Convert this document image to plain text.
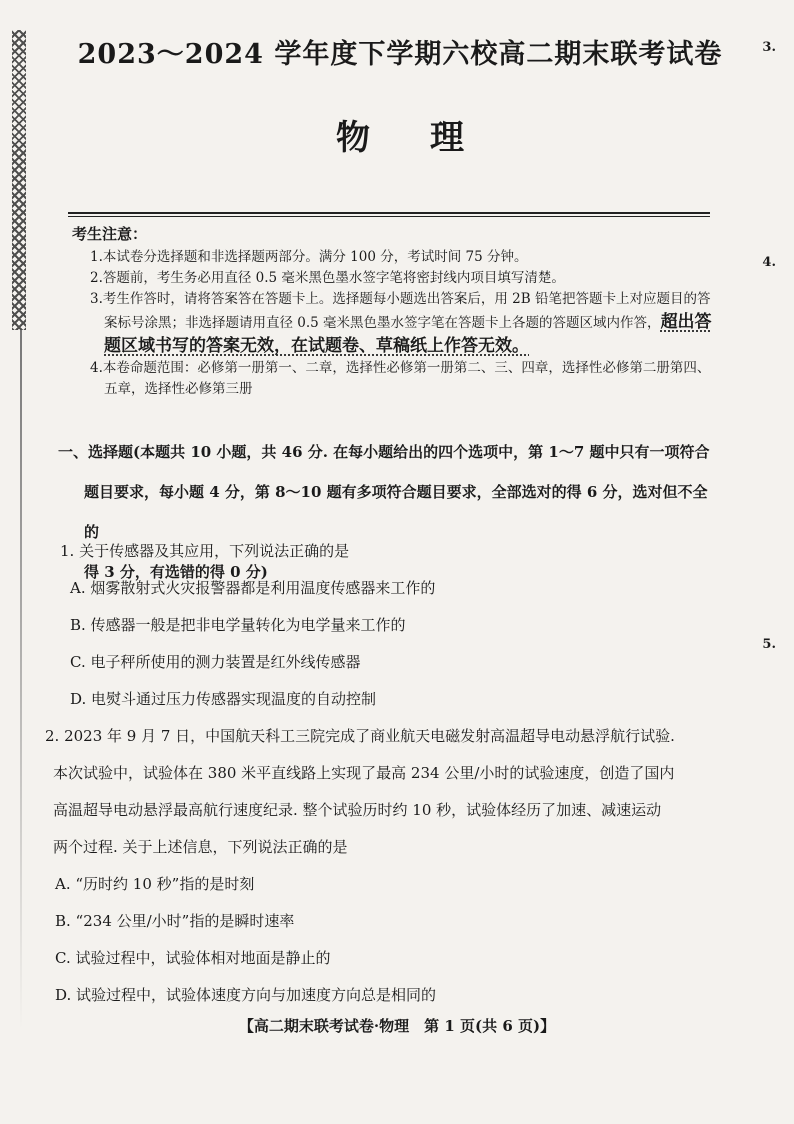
2023～2024 学年度下学期六校高二期末联考试卷
物理
3.
4.
5.
考生注意：
1.本试卷分选择题和非选择题两部分。满分 100 分，考试时间 75 分钟。
2.答题前，考生务必用直径 0.5 毫米黑色墨水签字笔将密封线内项目填写清楚。
3.考生作答时，请将答案答在答题卡上。选择题每小题选出答案后，用 2B 铅笔把答题卡上对应题目的答案标号涂黑；非选择题请用直径 0.5 毫米黑色墨水签字笔在答题卡上各题的答题区域内作答，超出答题区域书写的答案无效，在试题卷、草稿纸上作答无效。
4.本卷命题范围：必修第一册第一、二章，选择性必修第一册第二、三、四章，选择性必修第二册第四、五章，选择性必修第三册
一、选择题(本题共 10 小题，共 46 分. 在每小题给出的四个选项中，第 1～7 题中只有一项符合
题目要求，每小题 4 分，第 8～10 题有多项符合题目要求，全部选对的得 6 分，选对但不全的
得 3 分，有选错的得 0 分)
1. 关于传感器及其应用，下列说法正确的是
A. 烟雾散射式火灾报警器都是利用温度传感器来工作的
B. 传感器一般是把非电学量转化为电学量来工作的
C. 电子秤所使用的测力装置是红外线传感器
D. 电熨斗通过压力传感器实现温度的自动控制
2. 2023 年 9 月 7 日，中国航天科工三院完成了商业航天电磁发射高温超导电动悬浮航行试验.
本次试验中，试验体在 380 米平直线路上实现了最高 234 公里/小时的试验速度，创造了国内
高温超导电动悬浮最高航行速度纪录. 整个试验历时约 10 秒，试验体经历了加速、减速运动
两个过程. 关于上述信息，下列说法正确的是
A. “历时约 10 秒”指的是时刻
B. “234 公里/小时”指的是瞬时速率
C. 试验过程中，试验体相对地面是静止的
D. 试验过程中，试验体速度方向与加速度方向总是相同的
【高二期末联考试卷·物理　第 1 页(共 6 页)】
